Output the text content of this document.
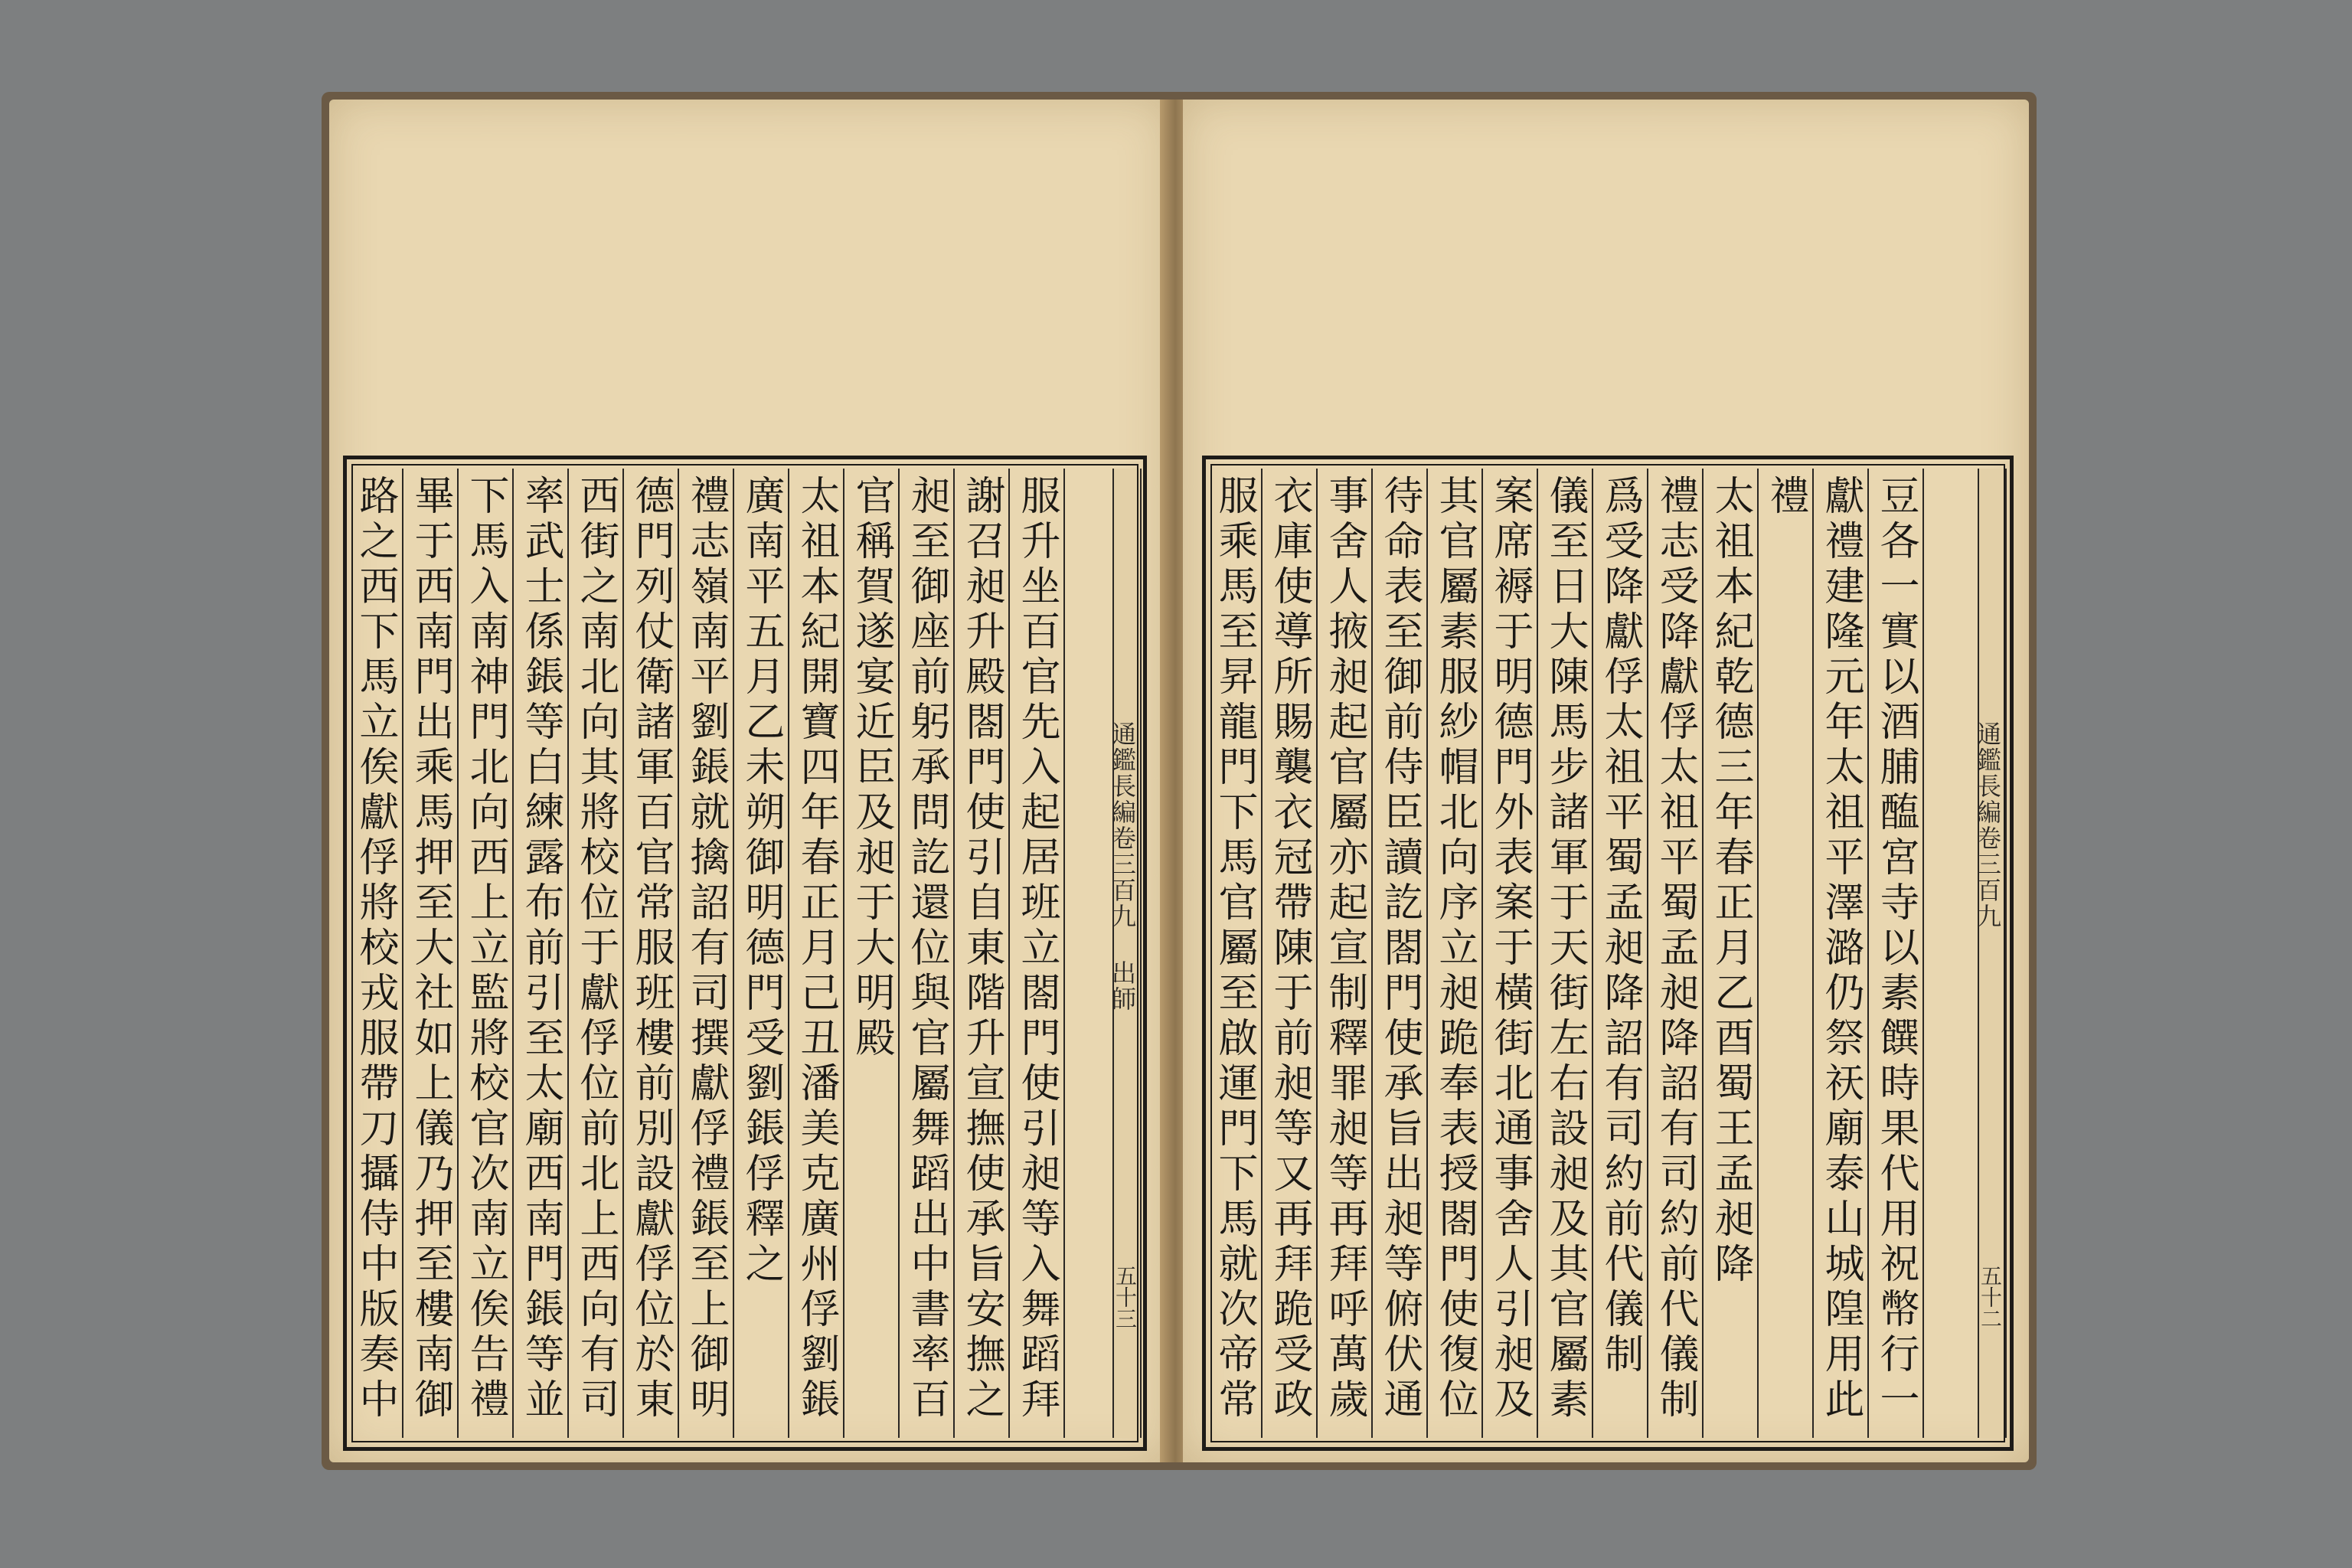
路之西下馬立俟獻俘將校戎服帶刀攝侍中版奏中 畢于西南門出乘馬押至大社如上儀乃押至樓南御 下馬入南神門北向西上立監將校官次南立俟告禮 率武士係鋹等白練露布前引至太廟西南門鋹等並 西街之南北向其將校位于獻俘位前北上西向有司 德門列仗衛諸軍百官常服班樓前別設獻俘位於東 禮志嶺南平劉鋹就擒詔有司撰獻俘禮鋹至上御明 廣南平五月乙未朔御明德門受劉鋹俘釋之 太祖本紀開寶四年春正月己丑潘美克廣州俘劉鋹 官稱賀遂宴近臣及昶于大明殿 昶至御座前躬承問訖還位與官屬舞蹈出中書率百 謝召昶升殿閤門使引自東階升宣撫使承旨安撫之 服升坐百官先入起居班立閤門使引昶等入舞蹈拜 通鑑長編卷三百九 出師
五十三 服乘馬至昇龍門下馬官屬至啟運門下馬就次帝常 衣庫使導所賜襲衣冠帶陳于前昶等又再拜跪受政 事舍人掖昶起官屬亦起宣制釋罪昶等再拜呼萬歲 待命表至御前侍臣讀訖閤門使承旨出昶等俯伏通 其官屬素服紗帽北向序立昶跪奉表授閤門使復位 案席褥于明德門外表案于橫街北通事舍人引昶及 儀至日大陳馬步諸軍于天街左右設昶及其官屬素 爲受降獻俘太祖平蜀孟昶降詔有司約前代儀制 禮志受降獻俘太祖平蜀孟昶降詔有司約前代儀制 太祖本紀乾德三年春正月乙酉蜀王孟昶降 禮 獻禮建隆元年太祖平澤潞仍祭祆廟泰山城隍用此 豆各一實以酒脯醢宮寺以素饌時果代用祝幣行一 通鑑長編卷三百九
五十二
